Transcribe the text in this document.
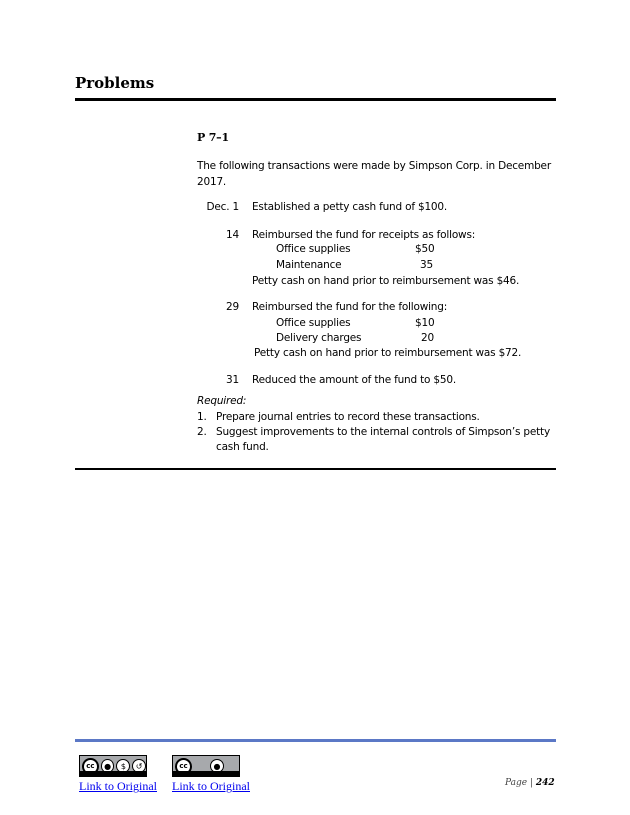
Problems
P 7–1
The following transactions were made by Simpson Corp. in December 2017.
Dec. 1 Established a petty cash fund of $100.
14 Reimbursed the fund for receipts as follows:
Office supplies	$50
Maintenance	35
Petty cash on hand prior to reimbursement was $46.
29 Reimbursed the fund for the following:
Office supplies	$10
Delivery charges	20
Petty cash on hand prior to reimbursement was $72.
31 Reduced the amount of the fund to $50.
Required:
1. Prepare journal entries to record these transactions.
2. Suggest improvements to the internal controls of Simpson’s petty cash fund.
cc	●	$	↺	cc	●
Link to Original Link to Original	Page | 242
